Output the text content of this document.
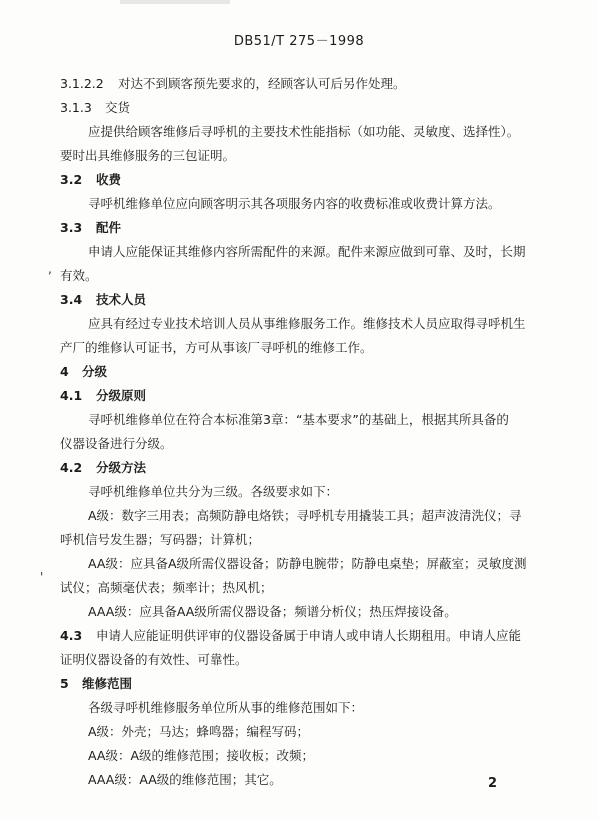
DB51/T 275－1998
3.1.2.2 对达不到顾客预先要求的，经顾客认可后另作处理。
3.1.3 交货
应提供给顾客维修后寻呼机的主要技术性能指标（如功能、灵敏度、选择性）。
要时出具维修服务的三包证明。
3.2 收费
寻呼机维修单位应向顾客明示其各项服务内容的收费标准或收费计算方法。
3.3 配件
申请人应能保证其维修内容所需配件的来源。配件来源应做到可靠、及时，长期
, 有效。
3.4 技术人员
应具有经过专业技术培训人员从事维修服务工作。维修技术人员应取得寻呼机生
产厂的维修认可证书，方可从事该厂寻呼机的维修工作。
4 分级
4.1 分级原则
寻呼机维修单位在符合本标准第3章：“基本要求”的基础上，根据其所具备的
仪器设备进行分级。
4.2 分级方法
寻呼机维修单位共分为三级。各级要求如下：
A级：数字三用表；高频防静电烙铁；寻呼机专用撬装工具；超声波清洗仪；寻
呼机信号发生器；写码器；计算机；
AA级：应具备A级所需仪器设备；防静电腕带；防静电桌垫；屏蔽室；灵敏度测
'
试仪；高频毫伏表；频率计；热风机；
AAA级：应具备AA级所需仪器设备；频谱分析仪；热压焊接设备。
4.3 申请人应能证明供评审的仪器设备属于申请人或申请人长期租用。申请人应能
证明仪器设备的有效性、可靠性。
5 维修范围
各级寻呼机维修服务单位所从事的维修范围如下：
A级：外壳；马达；蜂鸣器；编程写码；
AA级：A级的维修范围；接收板；改频；
AAA级：AA级的维修范围；其它。	2
